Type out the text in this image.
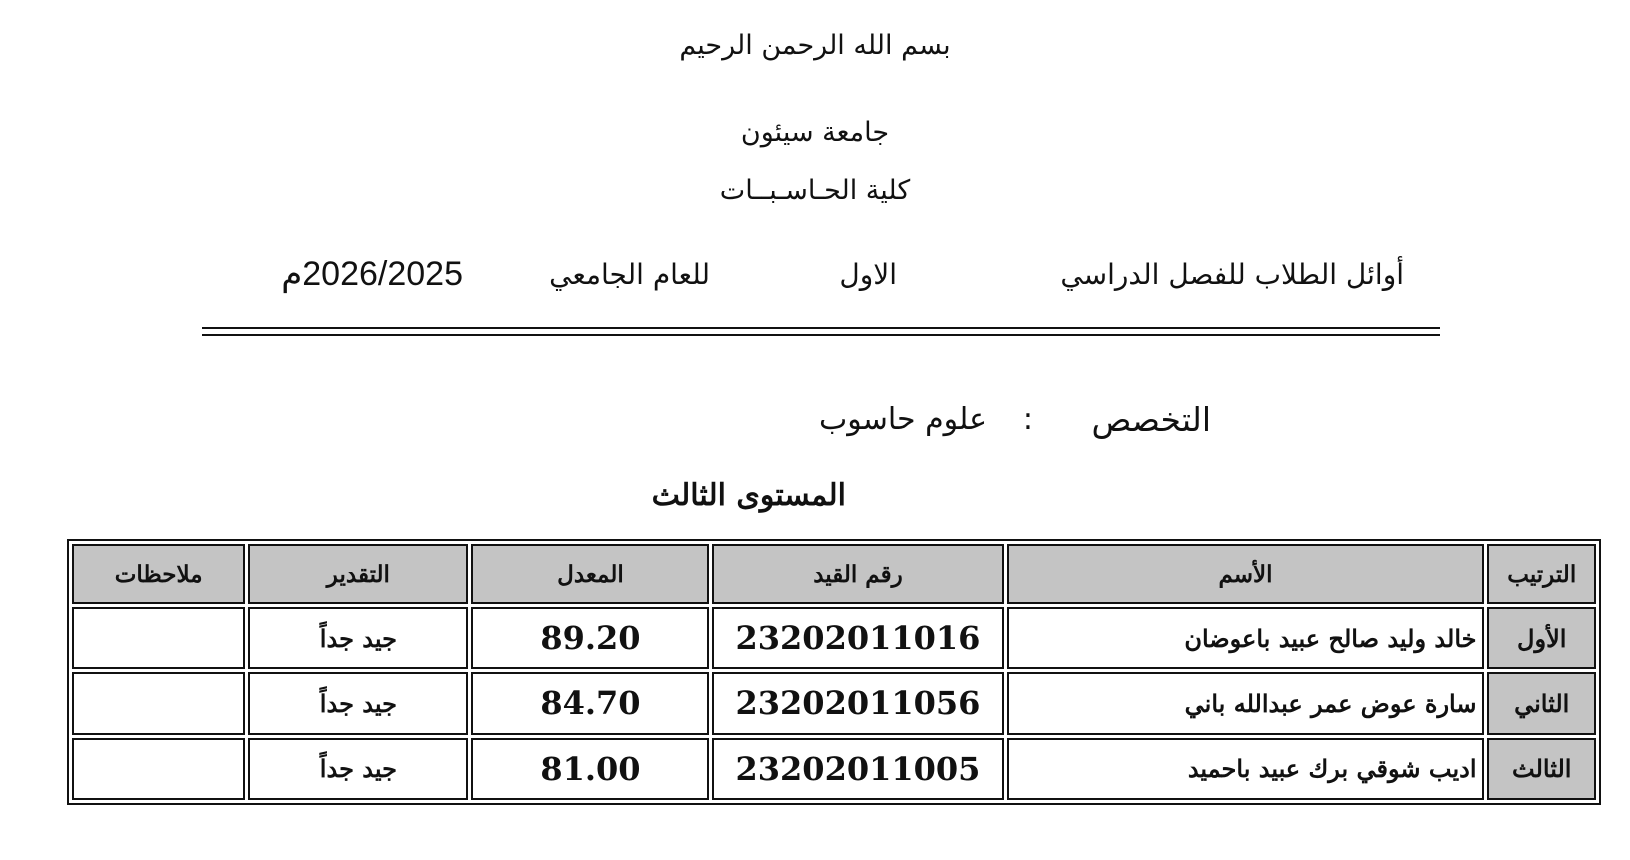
بسم الله الرحمن الرحيم
جامعة سيئون
كلية الحـاسـبــات
أوائل الطلاب للفصل الدراسي
الاول
للعام الجامعي
2026/2025م
التخصص
:
علوم حاسوب
المستوى الثالث
الترتيب	الأسم	رقم القيد	المعدل	التقدير	ملاحظات
الأول	خالد وليد صالح عبيد باعوضان	23202011016	89.20	جيد جداً	
الثاني	سارة عوض عمر عبدالله باني	23202011056	84.70	جيد جداً	
الثالث	اديب شوقي برك عبيد باحميد	23202011005	81.00	جيد جداً	
